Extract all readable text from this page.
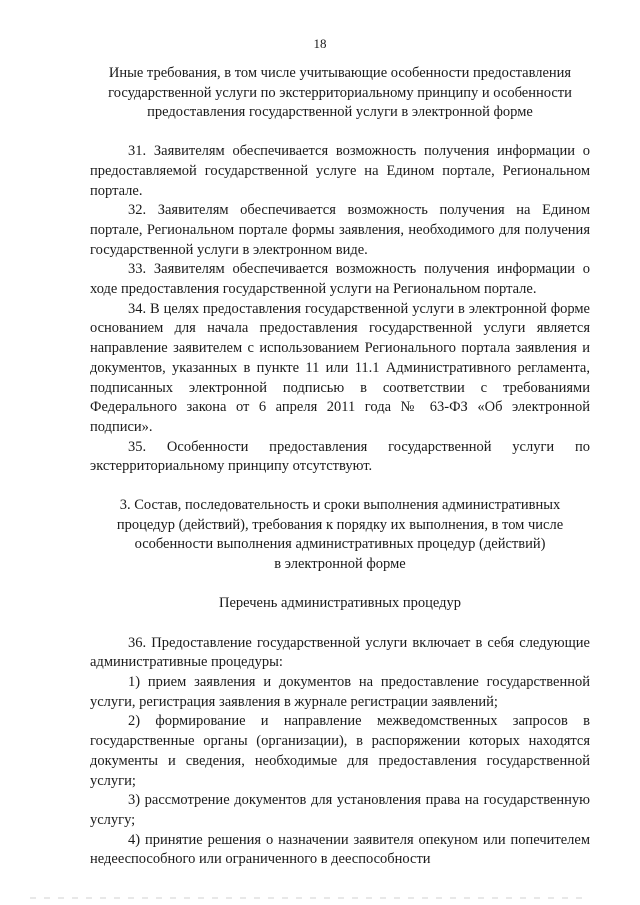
18
Иные требования, в том числе учитывающие особенности предоставления
государственной услуги по экстерриториальному принципу и особенности
предоставления государственной услуги в электронной форме

31. Заявителям обеспечивается возможность получения информации о предоставляемой государственной услуге на Едином портале, Региональном портале.

32. Заявителям обеспечивается возможность получения на Едином портале, Региональном портале формы заявления, необходимого для получения государственной услуги в электронном виде.

33. Заявителям обеспечивается возможность получения информации о ходе предоставления государственной услуги на Региональном портале.

34. В целях предоставления государственной услуги в электронной форме основанием для начала предоставления государственной услуги является направление заявителем с использованием Регионального портала заявления и документов, указанных в пункте 11 или 11.1 Административного регламента, подписанных электронной подписью в соответствии с требованиями Федерального закона от 6 апреля 2011 года № 63-ФЗ «Об электронной подписи».

35. Особенности предоставления государственной услуги по экстерриториальному принципу отсутствуют.

3. Состав, последовательность и сроки выполнения административных
процедур (действий), требования к порядку их выполнения, в том числе
особенности выполнения административных процедур (действий)
в электронной форме
Перечень административных процедур

36. Предоставление государственной услуги включает в себя следующие административные процедуры:

1) прием заявления и документов на предоставление государственной услуги, регистрация заявления в журнале регистрации заявлений;

2) формирование и направление межведомственных запросов в государственные органы (организации), в распоряжении которых находятся документы и сведения, необходимые для предоставления государственной услуги;

3) рассмотрение документов для установления права на государственную услугу;

4) принятие решения о назначении заявителя опекуном или попечителем недееспособного или ограниченного в дееспособности
